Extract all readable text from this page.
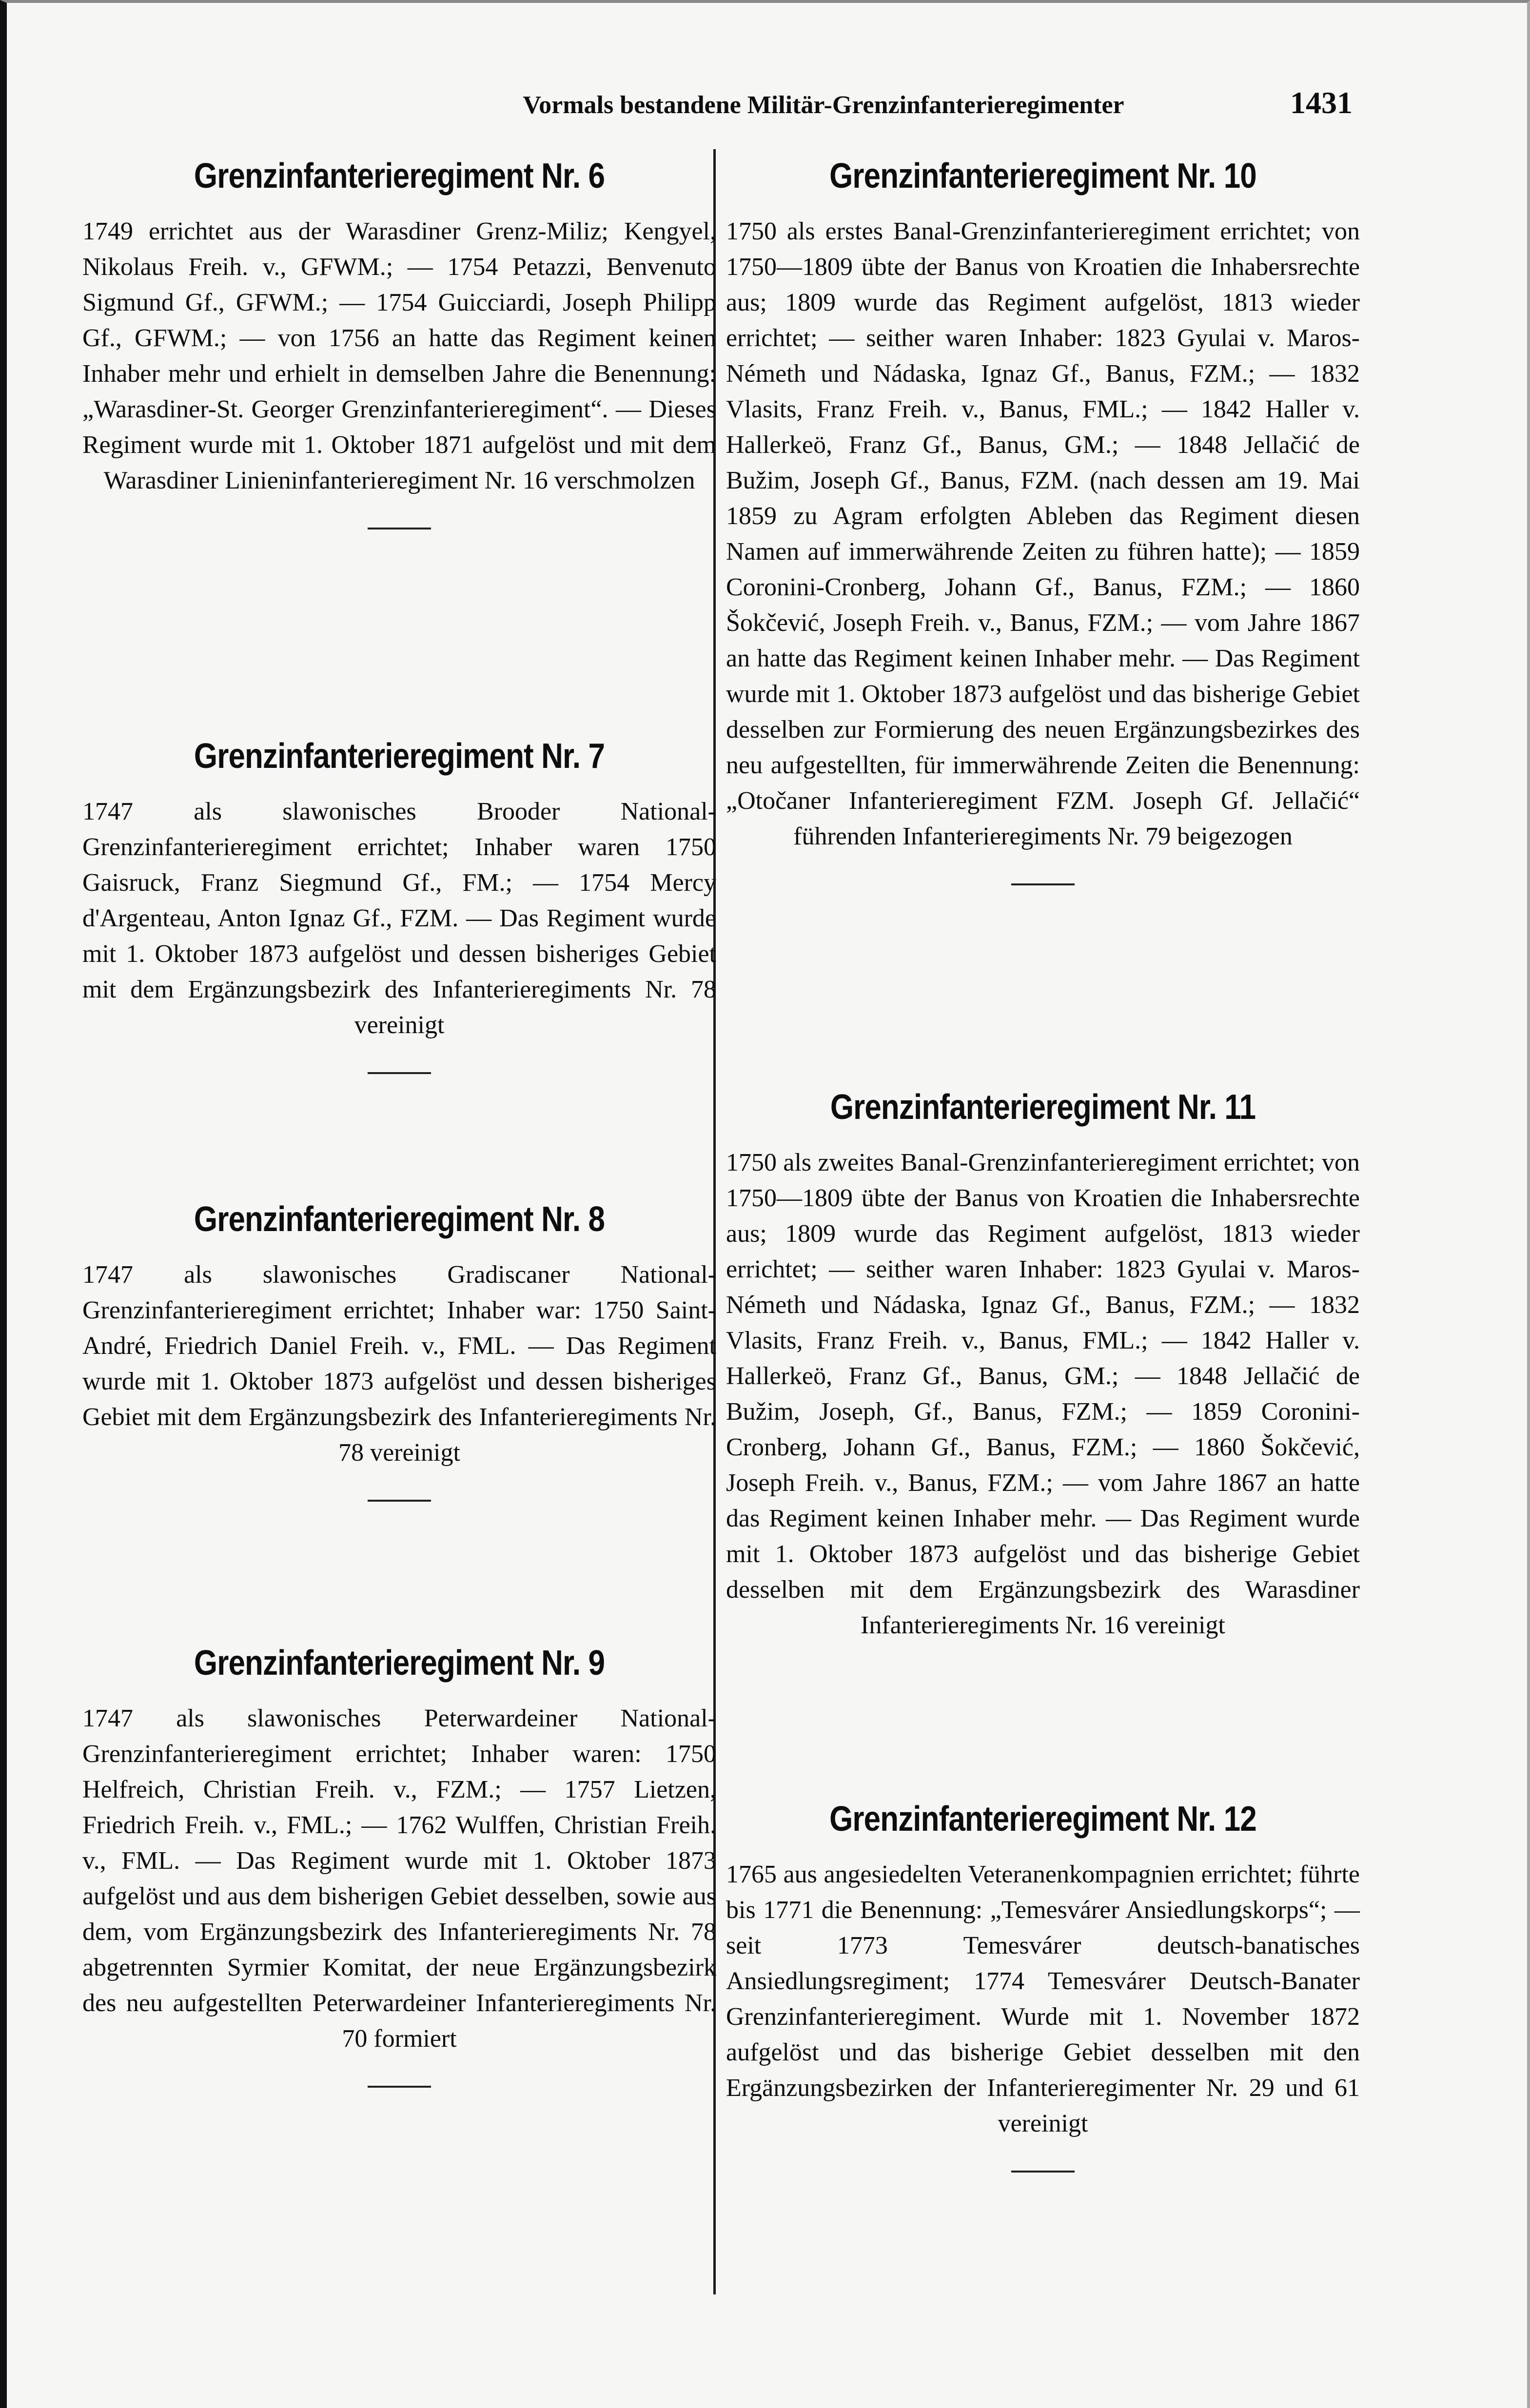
Vormals bestandene Militär-Grenzinfanterieregimenter	1431
Grenzinfanterieregiment Nr. 6
1749 errichtet aus der Warasdiner Grenz-Miliz; Kengyel, Nikolaus Freih. v., GFWM.; — 1754 Petazzi, Benvenuto Sigmund Gf., GFWM.; — 1754 Guicciardi, Joseph Philipp Gf., GFWM.; — von 1756 an hatte das Regiment keinen Inhaber mehr und erhielt in demselben Jahre die Benennung: „Warasdiner-St. Georger Grenzinfanterieregiment“. — Dieses Regiment wurde mit 1. Oktober 1871 aufgelöst und mit dem Warasdiner Linieninfanterieregiment Nr. 16 verschmolzen
Grenzinfanterieregiment Nr. 7
1747 als slawonisches Brooder National-Grenzinfanterieregiment errichtet; Inhaber waren 1750 Gaisruck, Franz Siegmund Gf., FM.; — 1754 Mercy d'Argenteau, Anton Ignaz Gf., FZM. — Das Regiment wurde mit 1. Oktober 1873 aufgelöst und dessen bisheriges Gebiet mit dem Ergänzungsbezirk des Infanterieregiments Nr. 78 vereinigt
Grenzinfanterieregiment Nr. 8
1747 als slawonisches Gradiscaner National-Grenzinfanterieregiment errichtet; Inhaber war: 1750 Saint-André, Friedrich Daniel Freih. v., FML. — Das Regiment wurde mit 1. Oktober 1873 aufgelöst und dessen bisheriges Gebiet mit dem Ergänzungsbezirk des Infanterieregiments Nr. 78 vereinigt
Grenzinfanterieregiment Nr. 9
1747 als slawonisches Peterwardeiner National-Grenzinfanterieregiment errichtet; Inhaber waren: 1750 Helfreich, Christian Freih. v., FZM.; — 1757 Lietzen, Friedrich Freih. v., FML.; — 1762 Wulffen, Christian Freih. v., FML. — Das Regiment wurde mit 1. Oktober 1873 aufgelöst und aus dem bisherigen Gebiet desselben, sowie aus dem, vom Ergänzungsbezirk des Infanterieregiments Nr. 78 abgetrennten Syrmier Komitat, der neue Ergänzungsbezirk des neu aufgestellten Peterwardeiner Infanterieregiments Nr. 70 formiert
Grenzinfanterieregiment Nr. 10
1750 als erstes Banal-Grenzinfanterieregiment errichtet; von 1750—1809 übte der Banus von Kroatien die Inhabersrechte aus; 1809 wurde das Regiment aufgelöst, 1813 wieder errichtet; — seither waren Inhaber: 1823 Gyulai v. Maros-Németh und Nádaska, Ignaz Gf., Banus, FZM.; — 1832 Vlasits, Franz Freih. v., Banus, FML.; — 1842 Haller v. Hallerkeö, Franz Gf., Banus, GM.; — 1848 Jellačić de Bužim, Joseph Gf., Banus, FZM. (nach dessen am 19. Mai 1859 zu Agram erfolgten Ableben das Regiment diesen Namen auf immerwährende Zeiten zu führen hatte); — 1859 Coronini-Cronberg, Johann Gf., Banus, FZM.; — 1860 Šokčević, Joseph Freih. v., Banus, FZM.; — vom Jahre 1867 an hatte das Regiment keinen Inhaber mehr. — Das Regiment wurde mit 1. Oktober 1873 aufgelöst und das bisherige Gebiet desselben zur Formierung des neuen Ergänzungsbezirkes des neu aufgestellten, für immerwährende Zeiten die Benennung: „Otočaner Infanterieregiment FZM. Joseph Gf. Jellačić“ führenden Infanterieregiments Nr. 79 beigezogen
Grenzinfanterieregiment Nr. 11
1750 als zweites Banal-Grenzinfanterieregiment errichtet; von 1750—1809 übte der Banus von Kroatien die Inhabersrechte aus; 1809 wurde das Regiment aufgelöst, 1813 wieder errichtet; — seither waren Inhaber: 1823 Gyulai v. Maros-Németh und Nádaska, Ignaz Gf., Banus, FZM.; — 1832 Vlasits, Franz Freih. v., Banus, FML.; — 1842 Haller v. Hallerkeö, Franz Gf., Banus, GM.; — 1848 Jellačić de Bužim, Joseph, Gf., Banus, FZM.; — 1859 Coronini-Cronberg, Johann Gf., Banus, FZM.; — 1860 Šokčević, Joseph Freih. v., Banus, FZM.; — vom Jahre 1867 an hatte das Regiment keinen Inhaber mehr. — Das Regiment wurde mit 1. Oktober 1873 aufgelöst und das bisherige Gebiet desselben mit dem Ergänzungsbezirk des Warasdiner Infanterieregiments Nr. 16 vereinigt
Grenzinfanterieregiment Nr. 12
1765 aus angesiedelten Veteranenkompagnien errichtet; führte bis 1771 die Benennung: „Temesvárer Ansiedlungskorps“; — seit 1773 Temesvárer deutsch-banatisches Ansiedlungsregiment; 1774 Temesvárer Deutsch-Banater Grenzinfanterieregiment. Wurde mit 1. November 1872 aufgelöst und das bisherige Gebiet desselben mit den Ergänzungsbezirken der Infanterieregimenter Nr. 29 und 61 vereinigt
